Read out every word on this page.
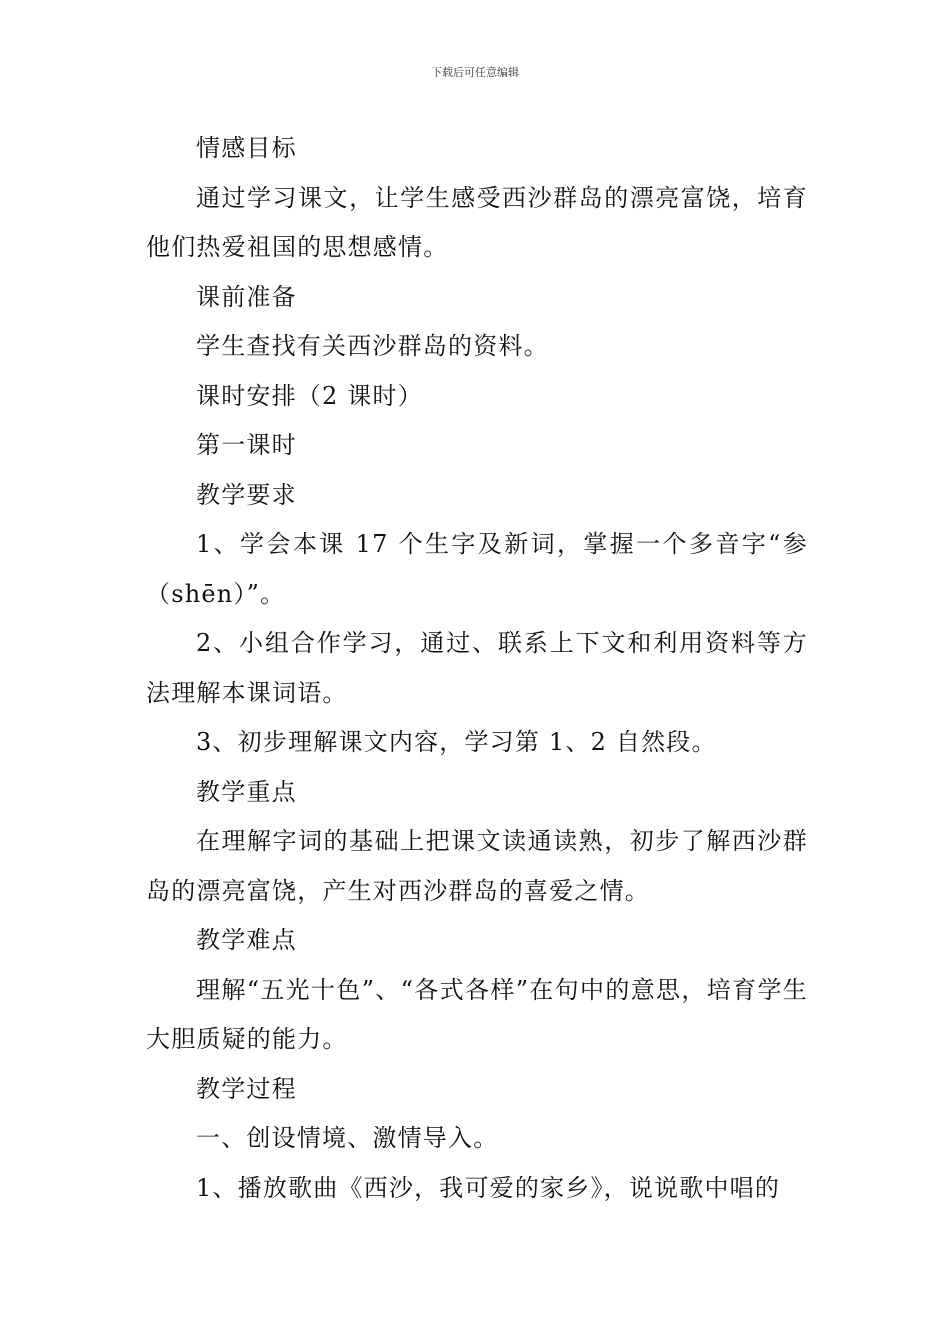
下载后可任意编辑

情感目标

通过学习课文，让学生感受西沙群岛的漂亮富饶，培育他们热爱祖国的思想感情。

课前准备

学生查找有关西沙群岛的资料。

课时安排（2 课时）

第一课时

教学要求

1、学会本课 17 个生字及新词，掌握一个多音字“参（shēn）”。

2、小组合作学习，通过、联系上下文和利用资料等方法理解本课词语。

3、初步理解课文内容，学习第 1、2 自然段。

教学重点

在理解字词的基础上把课文读通读熟，初步了解西沙群岛的漂亮富饶，产生对西沙群岛的喜爱之情。

教学难点

理解“五光十色”、“各式各样”在句中的意思，培育学生大胆质疑的能力。

教学过程

一、创设情境、激情导入。

1、播放歌曲《西沙，我可爱的家乡》，说说歌中唱的
